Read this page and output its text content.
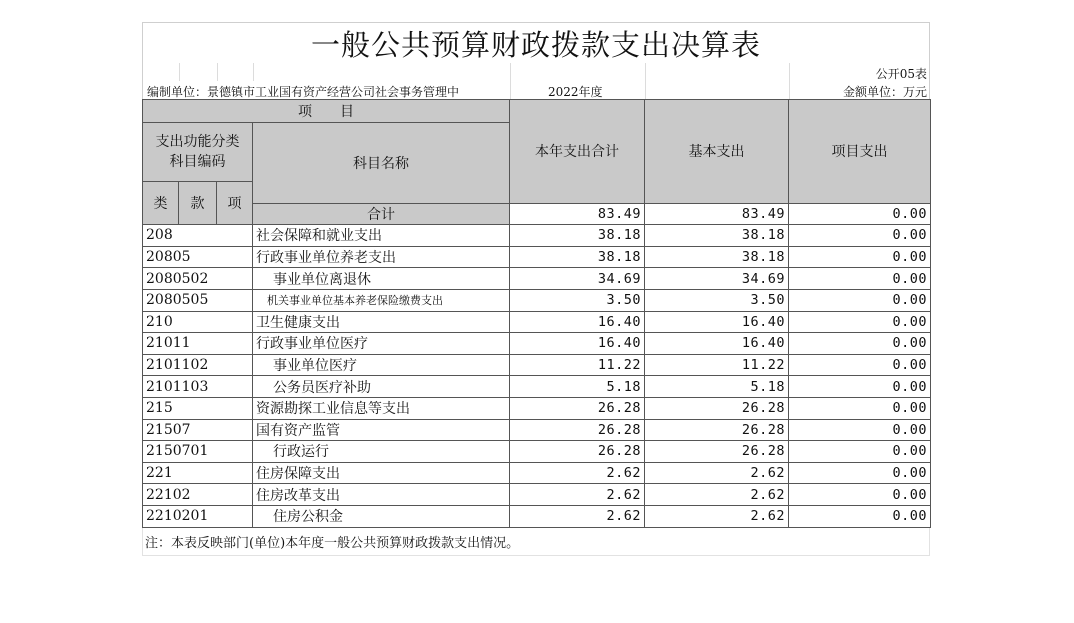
一般公共预算财政拨款支出决算表
公开05表
编制单位：景德镇市工业国有资产经营公司社会事务管理中	2022年度	金额单位：万元
项　　目				本年支出合计	基本支出	项目支出	
支出功能分类
科目编码			科目名称				
类	款	项				
			合计	83.49	83.49	0.00	
208			社会保障和就业支出	38.18	38.18	0.00	
20805			行政事业单位养老支出	38.18	38.18	0.00	
2080502			事业单位离退休	34.69	34.69	0.00	
2080505			机关事业单位基本养老保险缴费支出	3.50	3.50	0.00	
210			卫生健康支出	16.40	16.40	0.00	
21011			行政事业单位医疗	16.40	16.40	0.00	
2101102			事业单位医疗	11.22	11.22	0.00	
2101103			公务员医疗补助	5.18	5.18	0.00	
215			资源勘探工业信息等支出	26.28	26.28	0.00	
21507			国有资产监管	26.28	26.28	0.00	
2150701			行政运行	26.28	26.28	0.00	
221			住房保障支出	2.62	2.62	0.00	
22102			住房改革支出	2.62	2.62	0.00	
2210201			住房公积金	2.62	2.62	0.00	
注：本表反映部门(单位)本年度一般公共预算财政拨款支出情况。
